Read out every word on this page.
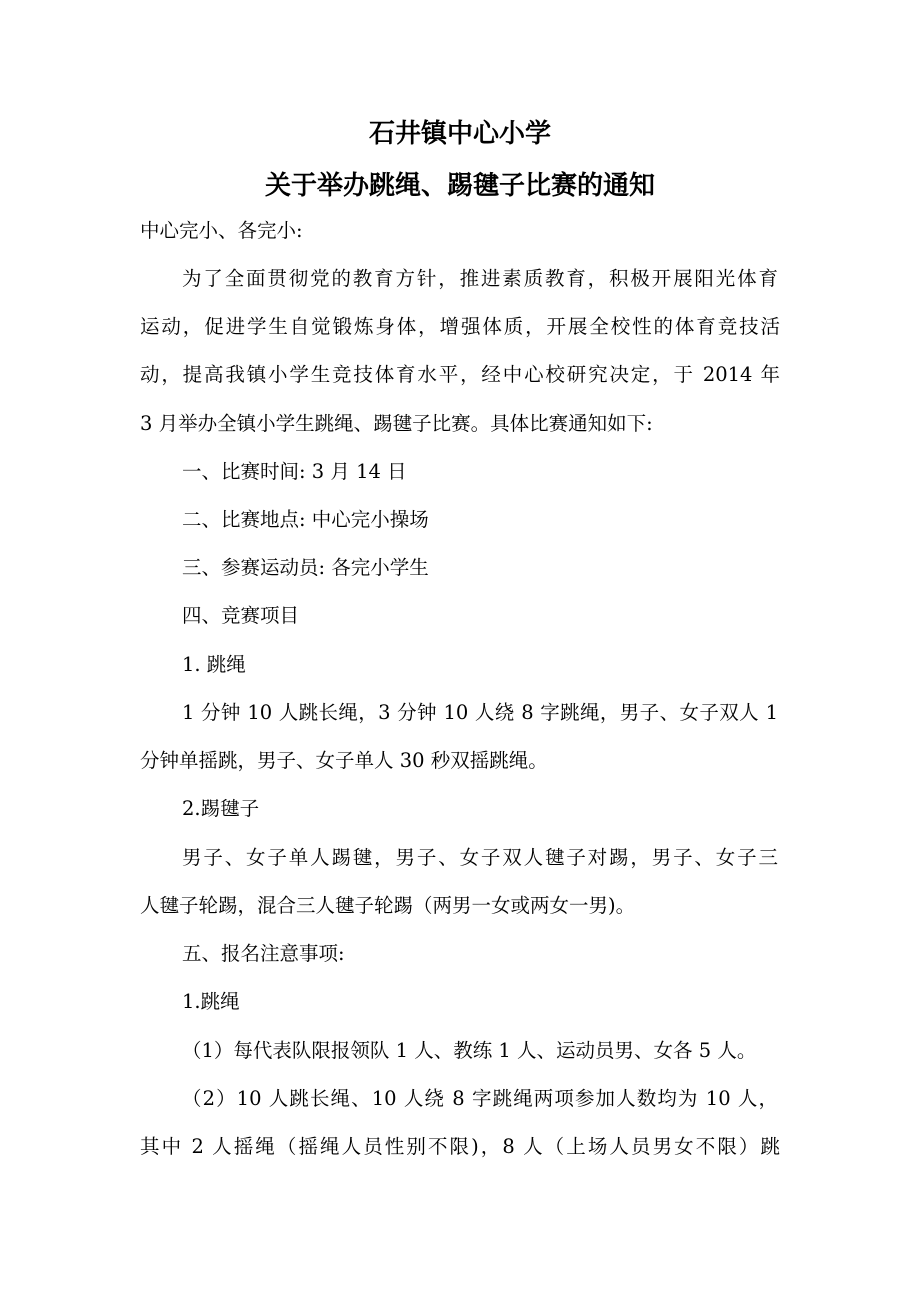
石井镇中心小学
关于举办跳绳、踢毽子比赛的通知
中心完小、各完小:
为了全面贯彻党的教育方针，推进素质教育，积极开展阳光体育
运动，促进学生自觉锻炼身体，增强体质，开展全校性的体育竞技活
动，提高我镇小学生竞技体育水平，经中心校研究决定，于 2014 年
3 月举办全镇小学生跳绳、踢毽子比赛。具体比赛通知如下:
一、比赛时间: 3 月 14 日
二、比赛地点: 中心完小操场
三、参赛运动员: 各完小学生
四、竞赛项目
1. 跳绳
1 分钟 10 人跳长绳，3 分钟 10 人绕 8 字跳绳，男子、女子双人 1
分钟单摇跳，男子、女子单人 30 秒双摇跳绳。
2.踢毽子
男子、女子单人踢毽，男子、女子双人毽子对踢，男子、女子三
人毽子轮踢，混合三人毽子轮踢（两男一女或两女一男)。
五、报名注意事项:
1.跳绳
（1）每代表队限报领队 1 人、教练 1 人、运动员男、女各 5 人。
（2）10 人跳长绳、10 人绕 8 字跳绳两项参加人数均为 10 人，
其中 2 人摇绳（摇绳人员性别不限)，8 人（上场人员男女不限）跳
